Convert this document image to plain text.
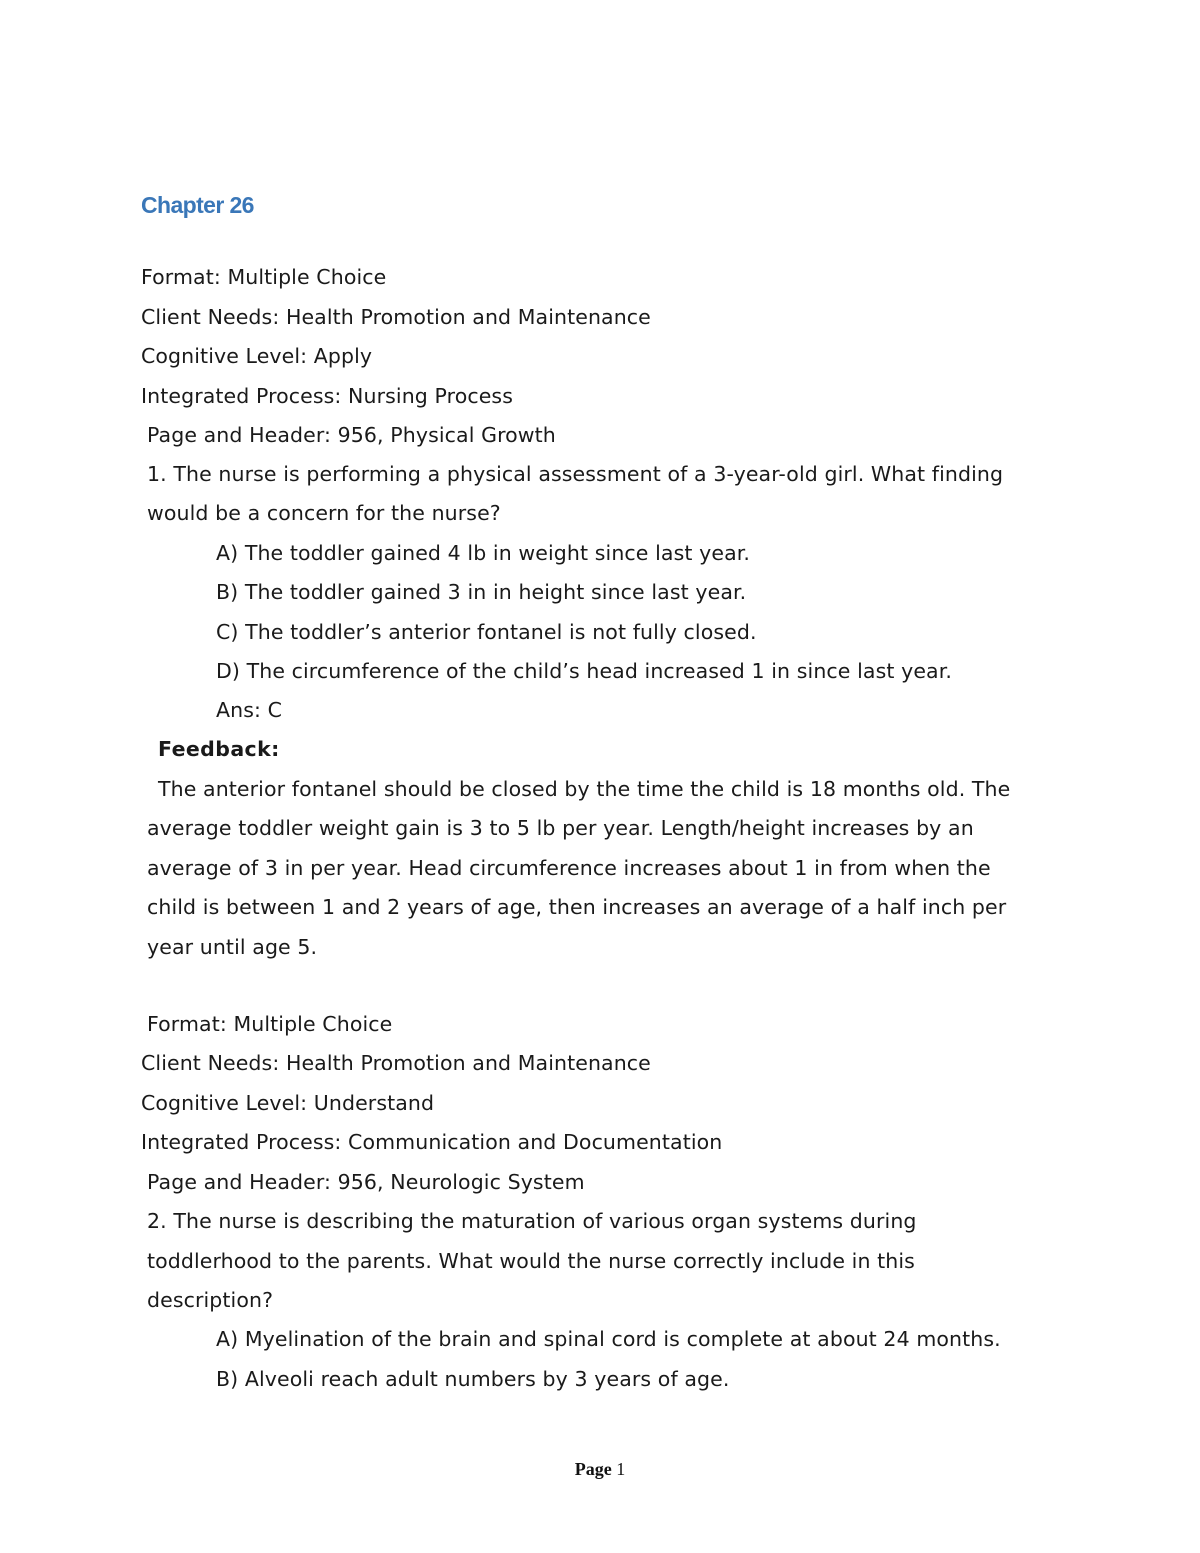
Chapter 26
Format: Multiple Choice
Client Needs: Health Promotion and Maintenance
Cognitive Level: Apply
Integrated Process: Nursing Process
Page and Header: 956, Physical Growth
1. The nurse is performing a physical assessment of a 3-year-old girl. What finding
would be a concern for the nurse?
A) The toddler gained 4 lb in weight since last year.
B) The toddler gained 3 in in height since last year.
C) The toddler’s anterior fontanel is not fully closed.
D) The circumference of the child’s head increased 1 in since last year.
Ans: C
Feedback:
The anterior fontanel should be closed by the time the child is 18 months old. The
average toddler weight gain is 3 to 5 lb per year. Length/height increases by an
average of 3 in per year. Head circumference increases about 1 in from when the
child is between 1 and 2 years of age, then increases an average of a half inch per
year until age 5.
Format: Multiple Choice
Client Needs: Health Promotion and Maintenance
Cognitive Level: Understand
Integrated Process: Communication and Documentation
Page and Header: 956, Neurologic System
2. The nurse is describing the maturation of various organ systems during
toddlerhood to the parents. What would the nurse correctly include in this
description?
A) Myelination of the brain and spinal cord is complete at about 24 months.
B) Alveoli reach adult numbers by 3 years of age.
Page 1
